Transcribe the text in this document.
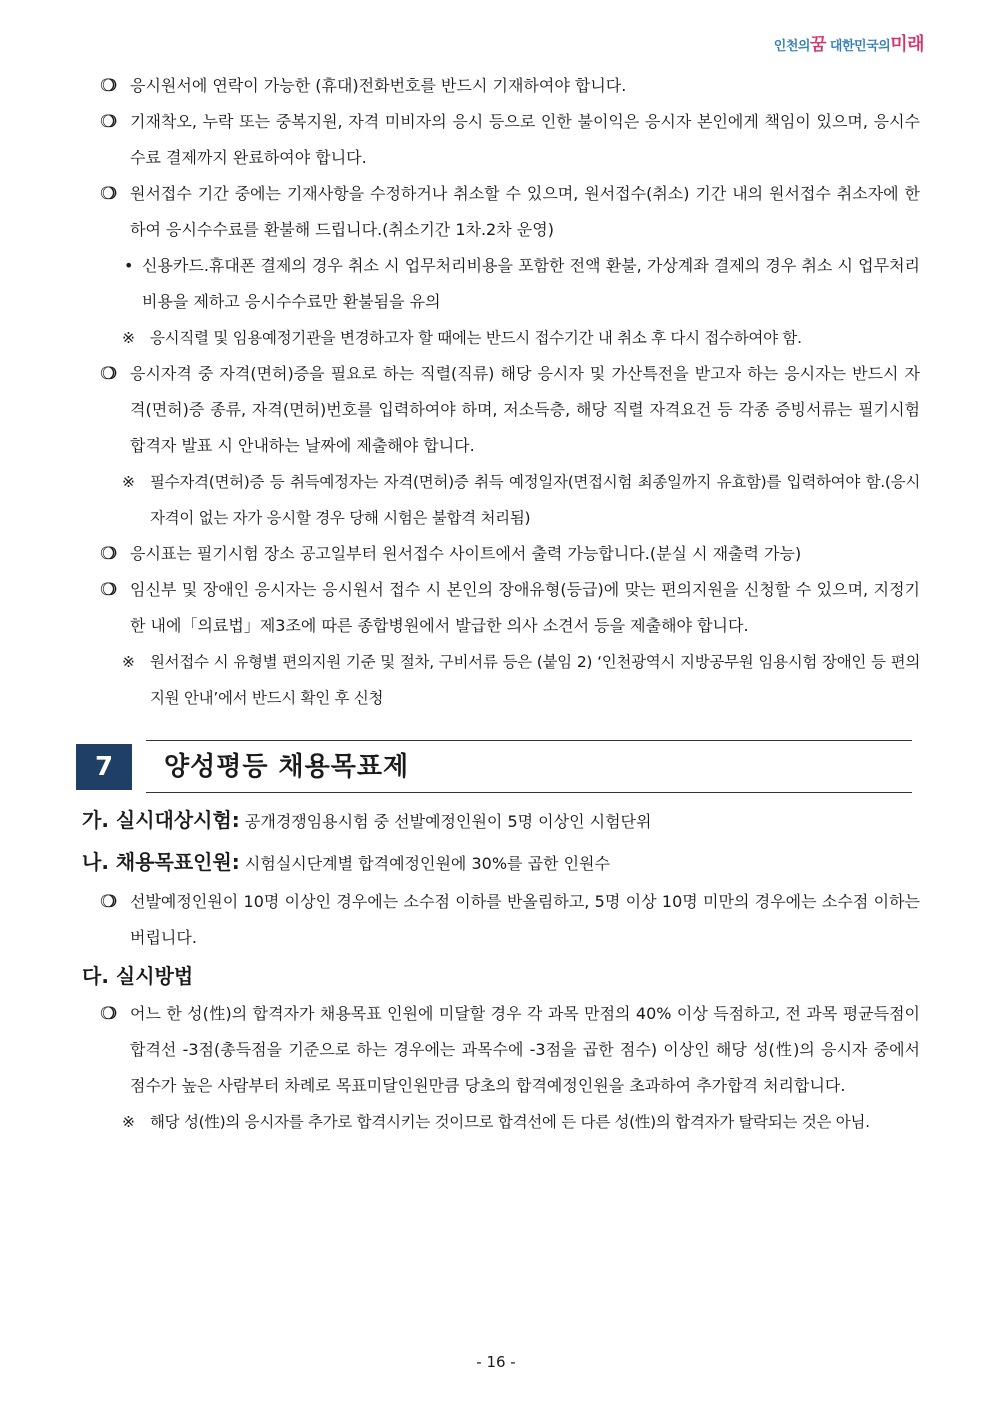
인천의꿈 대한민국의미래
❍ ❍ 응시원서에 연락이 가능한 (휴대)전화번호를 반드시 기재하여야 합니다.
❍ ❍ 기재착오, 누락 또는 중복지원, 자격 미비자의 응시 등으로 인한 불이익은 응시자 본인에게 책임이 있으며, 응시수수료 결제까지 완료하여야 합니다.
❍ ❍ 원서접수 기간 중에는 기재사항을 수정하거나 취소할 수 있으며, 원서접수(취소) 기간 내의 원서접수 취소자에 한하여 응시수수료를 환불해 드립니다.(취소기간 1차.2차 운영)
• 신용카드.휴대폰 결제의 경우 취소 시 업무처리비용을 포함한 전액 환불, 가상계좌 결제의 경우 취소 시 업무처리비용을 제하고 응시수수료만 환불됨을 유의
※ 응시직렬 및 임용예정기관을 변경하고자 할 때에는 반드시 접수기간 내 취소 후 다시 접수하여야 함.
❍ ❍ 응시자격 중 자격(면허)증을 필요로 하는 직렬(직류) 해당 응시자 및 가산특전을 받고자 하는 응시자는 반드시 자격(면허)증 종류, 자격(면허)번호를 입력하여야 하며, 저소득층, 해당 직렬 자격요건 등 각종 증빙서류는 필기시험 합격자 발표 시 안내하는 날짜에 제출해야 합니다.
※ 필수자격(면허)증 등 취득예정자는 자격(면허)증 취득 예정일자(면접시험 최종일까지 유효함)를 입력하여야 함.(응시자격이 없는 자가 응시할 경우 당해 시험은 불합격 처리됨)
❍ ❍ 응시표는 필기시험 장소 공고일부터 원서접수 사이트에서 출력 가능합니다.(분실 시 재출력 가능)
❍ ❍ 임신부 및 장애인 응시자는 응시원서 접수 시 본인의 장애유형(등급)에 맞는 편의지원을 신청할 수 있으며, 지정기한 내에「의료법」제3조에 따른 종합병원에서 발급한 의사 소견서 등을 제출해야 합니다.
※ 원서접수 시 유형별 편의지원 기준 및 절차, 구비서류 등은 (붙임 2) ‘인천광역시 지방공무원 임용시험 장애인 등 편의지원 안내’에서 반드시 확인 후 신청
7	양성평등 채용목표제
가. 실시대상시험: 공개경쟁임용시험 중 선발예정인원이 5명 이상인 시험단위
나. 채용목표인원: 시험실시단계별 합격예정인원에 30%를 곱한 인원수
❍ ❍ 선발예정인원이 10명 이상인 경우에는 소수점 이하를 반올림하고, 5명 이상 10명 미만의 경우에는 소수점 이하는 버립니다.
다. 실시방법
❍ ❍ 어느 한 성(性)의 합격자가 채용목표 인원에 미달할 경우 각 과목 만점의 40% 이상 득점하고, 전 과목 평균득점이 합격선 -3점(총득점을 기준으로 하는 경우에는 과목수에 -3점을 곱한 점수) 이상인 해당 성(性)의 응시자 중에서 점수가 높은 사람부터 차례로 목표미달인원만큼 당초의 합격예정인원을 초과하여 추가합격 처리합니다.
※ 해당 성(性)의 응시자를 추가로 합격시키는 것이므로 합격선에 든 다른 성(性)의 합격자가 탈락되는 것은 아님.
- 16 -
